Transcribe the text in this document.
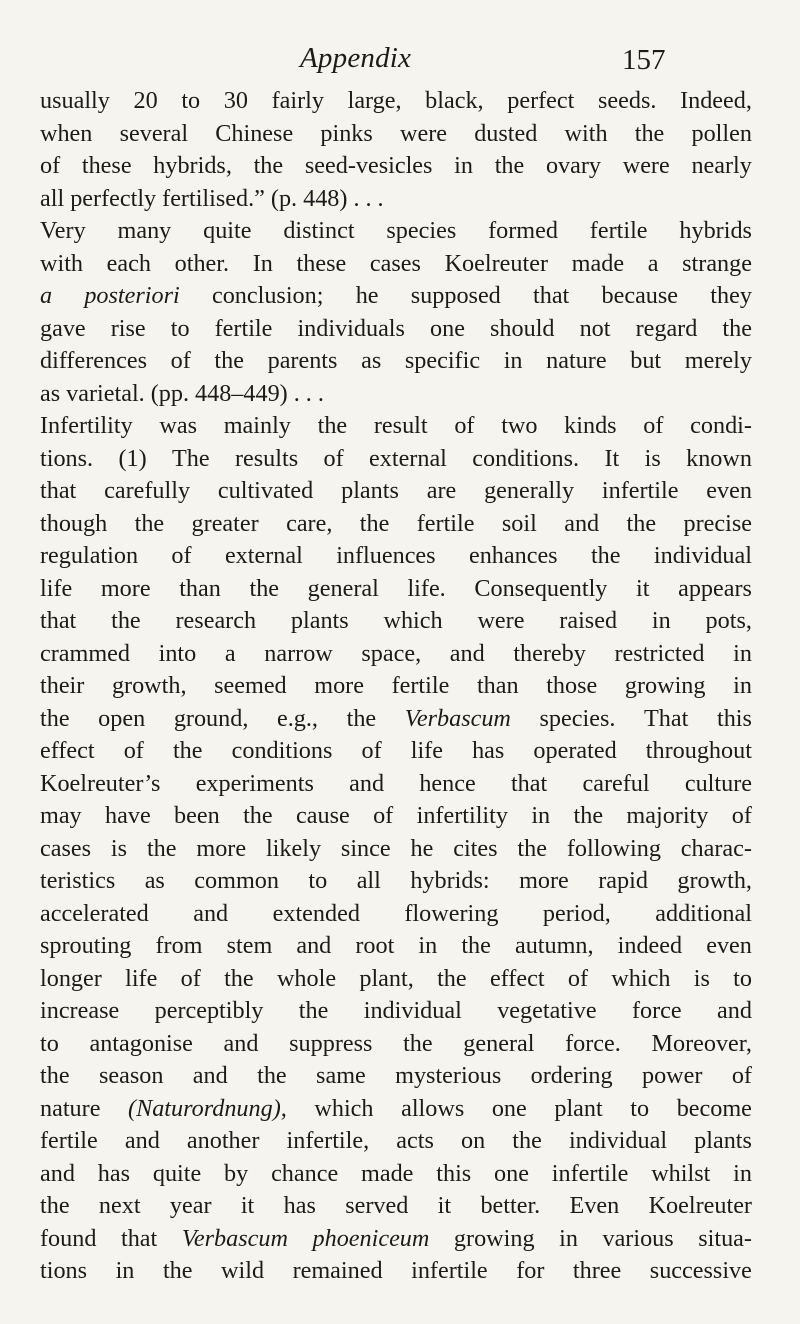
Appendix	157
usually 20 to 30 fairly large, black, perfect seeds. Indeed,
when several Chinese pinks were dusted with the pollen
of these hybrids, the seed-vesicles in the ovary were nearly
all perfectly fertilised.” (p. 448) . . .
Very many quite distinct species formed fertile hybrids
with each other. In these cases Koelreuter made a strange
a posteriori conclusion; he supposed that because they
gave rise to fertile individuals one should not regard the
differences of the parents as specific in nature but merely
as varietal. (pp. 448–449) . . .
Infertility was mainly the result of two kinds of condi-
tions. (1) The results of external conditions. It is known
that carefully cultivated plants are generally infertile even
though the greater care, the fertile soil and the precise
regulation of external influences enhances the individual
life more than the general life. Consequently it appears
that the research plants which were raised in pots,
crammed into a narrow space, and thereby restricted in
their growth, seemed more fertile than those growing in
the open ground, e.g., the Verbascum species. That this
effect of the conditions of life has operated throughout
Koelreuter’s experiments and hence that careful culture
may have been the cause of infertility in the majority of
cases is the more likely since he cites the following charac-
teristics as common to all hybrids: more rapid growth,
accelerated and extended flowering period, additional
sprouting from stem and root in the autumn, indeed even
longer life of the whole plant, the effect of which is to
increase perceptibly the individual vegetative force and
to antagonise and suppress the general force. Moreover,
the season and the same mysterious ordering power of
nature (Naturordnung), which allows one plant to become
fertile and another infertile, acts on the individual plants
and has quite by chance made this one infertile whilst in
the next year it has served it better. Even Koelreuter
found that Verbascum phoeniceum growing in various situa-
tions in the wild remained infertile for three successive
